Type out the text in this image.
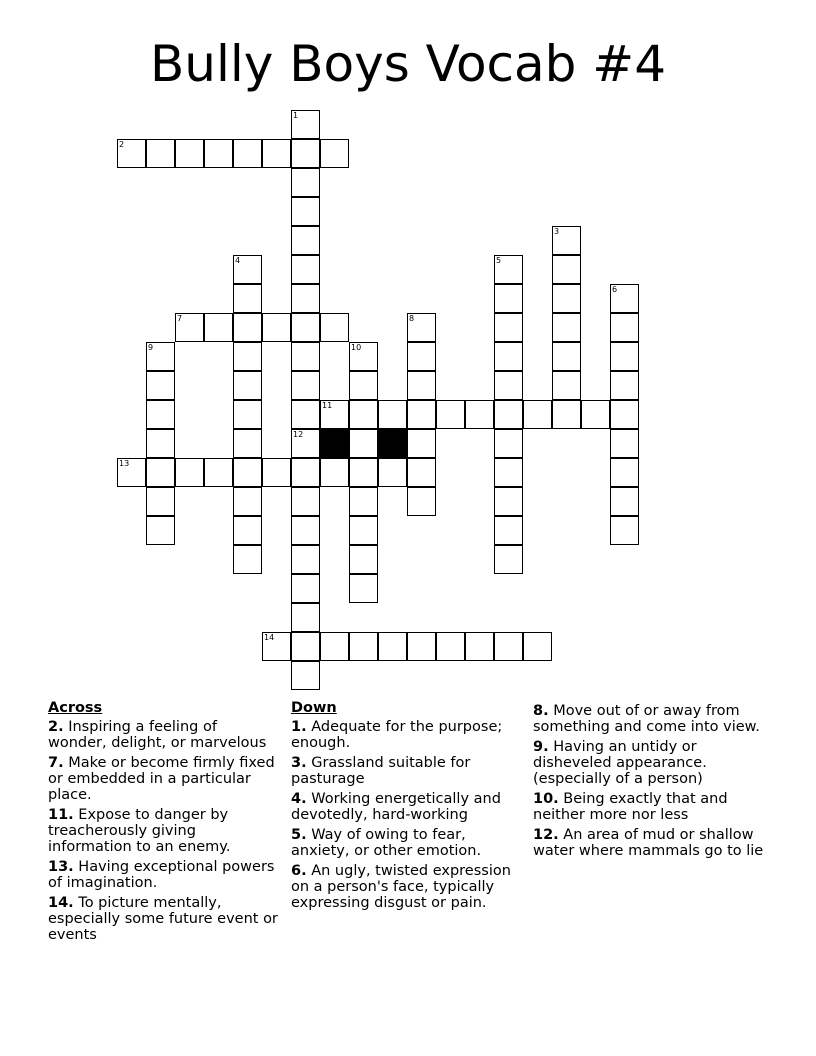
Bully Boys Vocab #4
1
12
2
3
4	5
6
7	8
9	10
11
13
14
Across
2. Inspiring a feeling of wonder, delight, or marvelous
7. Make or become firmly fixed or embedded in a particular place.
11. Expose to danger by treacherously giving information to an enemy.
13. Having exceptional powers of imagination.
14. To picture mentally, especially some future event or events
Down
1. Adequate for the purpose; enough.
3. Grassland suitable for pasturage
4. Working energetically and devotedly, hard-working
5. Way of owing to fear, anxiety, or other emotion.
6. An ugly, twisted expression on a person's face, typically expressing disgust or pain.
8. Move out of or away from something and come into view.
9. Having an untidy or disheveled appearance. (especially of a person)
10. Being exactly that and neither more nor less
12. An area of mud or shallow water where mammals go to lie
